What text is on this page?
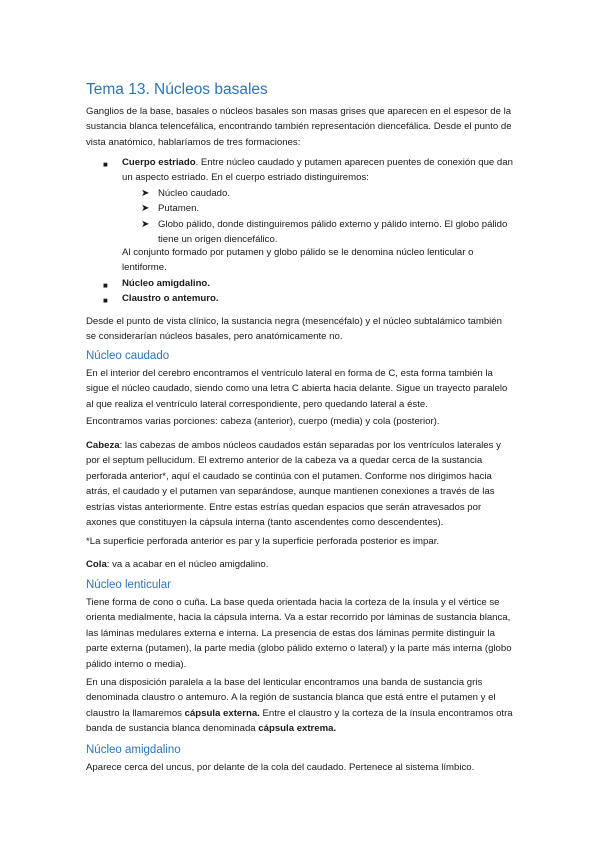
Tema 13. Núcleos basales

Ganglios de la base, basales o núcleos basales son masas grises que aparecen en el espesor de la sustancia blanca telencefálica, encontrando también representación diencefálica. Desde el punto de vista anatómico, hablaríamos de tres formaciones:

■	Cuerpo estriado. Entre núcleo caudado y putamen aparecen puentes de conexión que dan un aspecto estriado. En el cuerpo estriado distinguiremos:

➤ Núcleo caudado.

➤ Putamen.

➤ Globo pálido, donde distinguiremos pálido externo y pálido interno. El globo pálido tiene un origen diencefálico.

Al conjunto formado por putamen y globo pálido se le denomina núcleo lenticular o lentiforme.

■	Núcleo amigdalino.

■	Claustro o antemuro.

Desde el punto de vista clínico, la sustancia negra (mesencéfalo) y el núcleo subtalámico también se considerarían núcleos basales, pero anatómicamente no.

Núcleo caudado

En el interior del cerebro encontramos el ventrículo lateral en forma de C, esta forma también la sigue el núcleo caudado, siendo como una letra C abierta hacia delante. Sigue un trayecto paralelo al que realiza el ventrículo lateral correspondiente, pero quedando lateral a éste.

Encontramos varias porciones: cabeza (anterior), cuerpo (media) y cola (posterior).

Cabeza: las cabezas de ambos núcleos caudados están separadas por los ventrículos laterales y por el septum pellucidum. El extremo anterior de la cabeza va a quedar cerca de la sustancia perforada anterior*, aquí el caudado se continúa con el putamen. Conforme nos dirigimos hacia atrás, el caudado y el putamen van separándose, aunque mantienen conexiones a través de las estrías vistas anteriormente. Entre estas estrías quedan espacios que serán atravesados por axones que constituyen la cápsula interna (tanto ascendentes como descendentes).

*La superficie perforada anterior es par y la superficie perforada posterior es impar.

Cola: va a acabar en el núcleo amigdalino.

Núcleo lenticular

Tiene forma de cono o cuña. La base queda orientada hacia la corteza de la ínsula y el vértice se orienta medialmente, hacia la cápsula interna. Va a estar recorrido por láminas de sustancia blanca, las láminas medulares externa e interna. La presencia de estas dos láminas permite distinguir la parte externa (putamen), la parte media (globo pálido externo o lateral) y la parte más interna (globo pálido interno o media).

En una disposición paralela a la base del lenticular encontramos una banda de sustancia gris denominada claustro o antemuro. A la región de sustancia blanca que está entre el putamen y el claustro la llamaremos cápsula externa. Entre el claustro y la corteza de la ínsula encontramos otra banda de sustancia blanca denominada cápsula extrema.

Núcleo amigdalino

Aparece cerca del uncus, por delante de la cola del caudado. Pertenece al sistema límbico.
